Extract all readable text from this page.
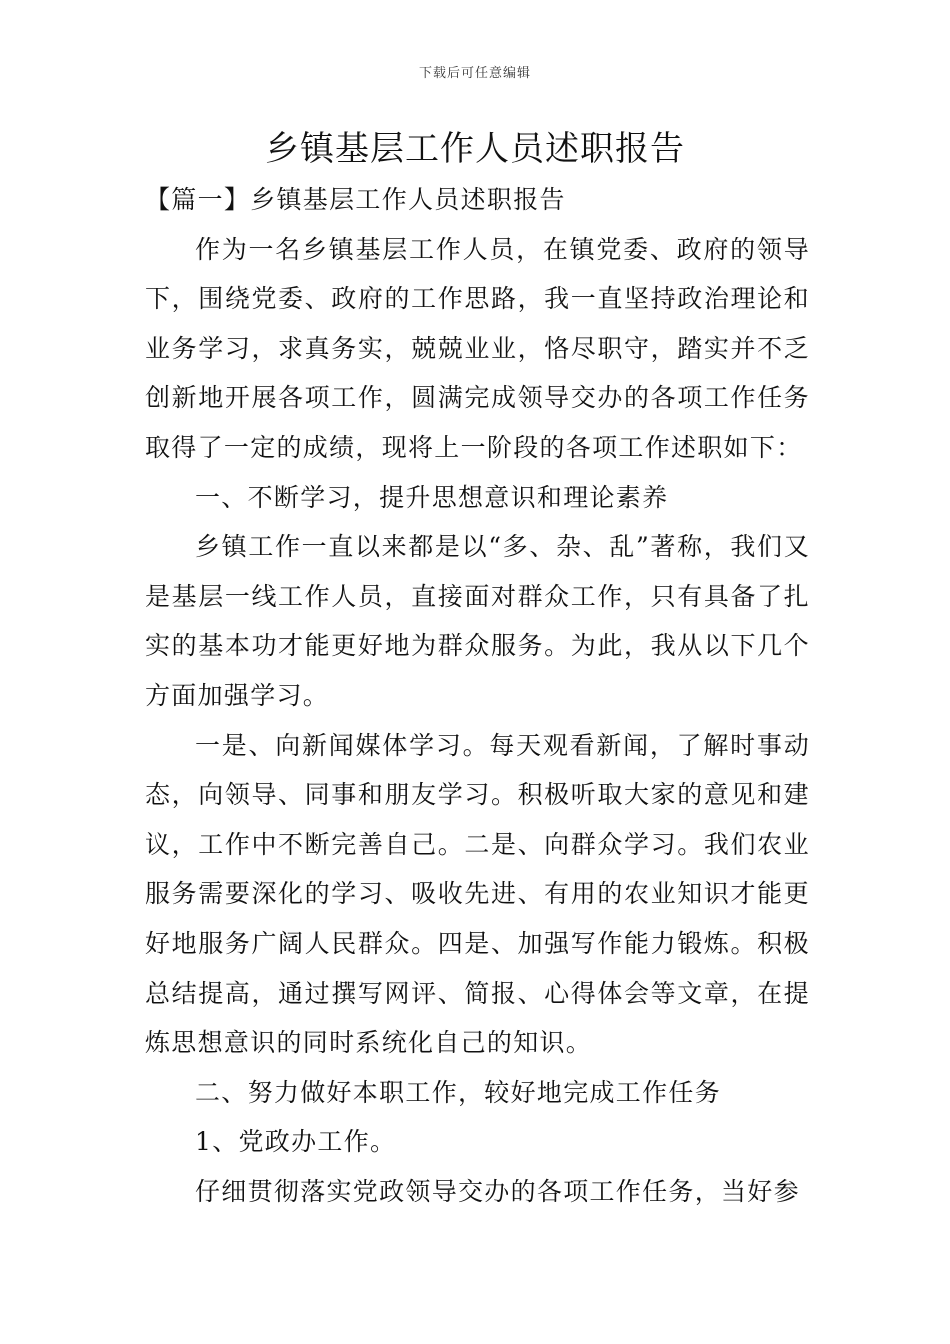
下载后可任意编辑
乡镇基层工作人员述职报告
【篇一】乡镇基层工作人员述职报告

作为一名乡镇基层工作人员，在镇党委、政府的领导下，围绕党委、政府的工作思路，我一直坚持政治理论和业务学习，求真务实，兢兢业业，恪尽职守，踏实并不乏创新地开展各项工作，圆满完成领导交办的各项工作任务取得了一定的成绩，现将上一阶段的各项工作述职如下：

一、不断学习，提升思想意识和理论素养

乡镇工作一直以来都是以“多、杂、乱”著称，我们又是基层一线工作人员，直接面对群众工作，只有具备了扎实的基本功才能更好地为群众服务。为此，我从以下几个方面加强学习。

一是、向新闻媒体学习。每天观看新闻，了解时事动态，向领导、同事和朋友学习。积极听取大家的意见和建议，工作中不断完善自己。二是、向群众学习。我们农业服务需要深化的学习、吸收先进、有用的农业知识才能更好地服务广阔人民群众。四是、加强写作能力锻炼。积极总结提高，通过撰写网评、简报、心得体会等文章，在提炼思想意识的同时系统化自己的知识。

二、努力做好本职工作，较好地完成工作任务

1、党政办工作。

仔细贯彻落实党政领导交办的各项工作任务，当好参
